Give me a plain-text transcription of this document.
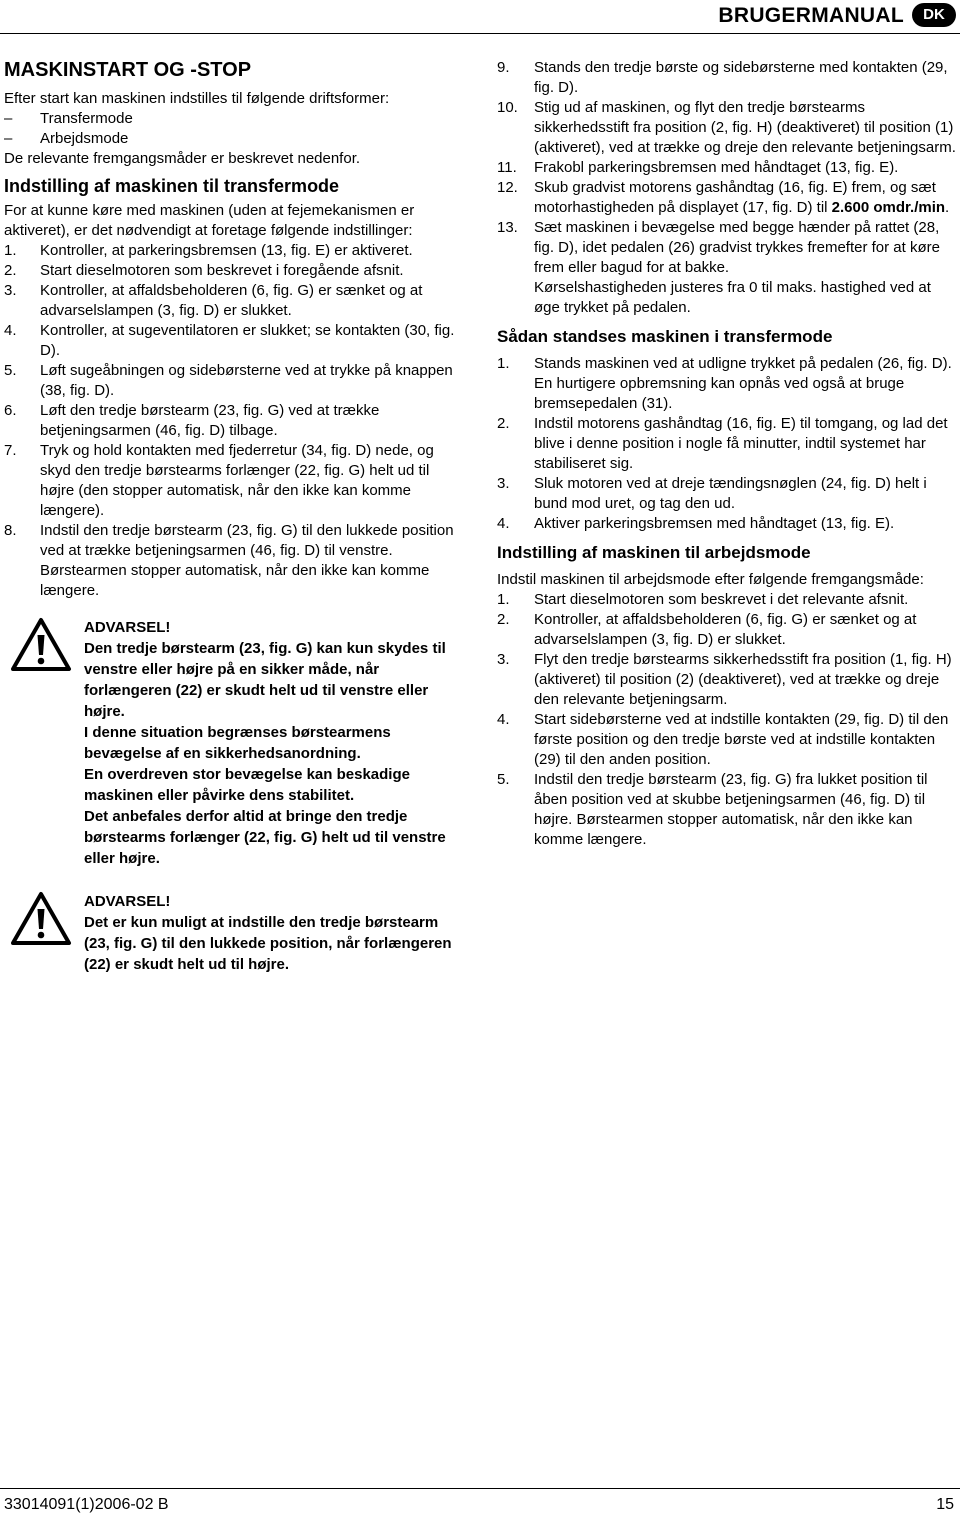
BRUGERMANUAL	DK
MASKINSTART OG -STOP

Efter start kan maskinen indstilles til følgende driftsformer:

– Transfermode
– Arbejdsmode

De relevante fremgangsmåder er beskrevet nedenfor.

Indstilling af maskinen til transfermode

For at kunne køre med maskinen (uden at fejemekanismen er aktiveret), er det nødvendigt at foretage følgende indstillinger:

1. Kontroller, at parkeringsbremsen (13, fig. E) er aktiveret.
2. Start dieselmotoren som beskrevet i foregående afsnit.
3. Kontroller, at affaldsbeholderen (6, fig. G) er sænket og at advarselslampen (3, fig. D) er slukket.
4. Kontroller, at sugeventilatoren er slukket; se kontakten (30, fig. D).
5. Løft sugeåbningen og sidebørsterne ved at trykke på knappen (38, fig. D).
6. Løft den tredje børstearm (23, fig. G) ved at trække betjeningsarmen (46, fig. D) tilbage.
7. Tryk og hold kontakten med fjederretur (34, fig. D) nede, og skyd den tredje børstearms forlænger (22, fig. G) helt ud til højre (den stopper automatisk, når den ikke kan komme længere).
8. Indstil den tredje børstearm (23, fig. G) til den lukkede position ved at trække betjeningsarmen (46, fig. D) til venstre.
Børstearmen stopper automatisk, når den ikke kan komme længere.
ADVARSEL!
Den tredje børstearm (23, fig. G) kan kun skydes til venstre eller højre på en sikker måde, når forlængeren (22) er skudt helt ud til venstre eller højre.
I denne situation begrænses børstearmens bevægelse af en sikkerhedsanordning.
En overdreven stor bevægelse kan beskadige maskinen eller påvirke dens stabilitet.
Det anbefales derfor altid at bringe den tredje børstearms forlænger (22, fig. G) helt ud til venstre eller højre.
ADVARSEL!
Det er kun muligt at indstille den tredje børstearm (23, fig. G) til den lukkede position, når forlængeren (22) er skudt helt ud til højre.
9. Stands den tredje børste og sidebørsterne med kontakten (29, fig. D).
10. Stig ud af maskinen, og flyt den tredje børstearms sikkerhedsstift fra position (2, fig. H) (deaktiveret) til position (1) (aktiveret), ved at trække og dreje den relevante betjeningsarm.
11. Frakobl parkeringsbremsen med håndtaget (13, fig. E).
12. Skub gradvist motorens gashåndtag (16, fig. E) frem, og sæt motorhastigheden på displayet (17, fig. D) til 2.600 omdr./min.
13. Sæt maskinen i bevægelse med begge hænder på rattet (28, fig. D), idet pedalen (26) gradvist trykkes fremefter for at køre frem eller bagud for at bakke.
Kørselshastigheden justeres fra 0 til maks. hastighed ved at øge trykket på pedalen.
Sådan standses maskinen i transfermode
1. Stands maskinen ved at udligne trykket på pedalen (26, fig. D).
En hurtigere opbremsning kan opnås ved også at bruge bremsepedalen (31).
2. Indstil motorens gashåndtag (16, fig. E) til tomgang, og lad det blive i denne position i nogle få minutter, indtil systemet har stabiliseret sig.
3. Sluk motoren ved at dreje tændingsnøglen (24, fig. D) helt i bund mod uret, og tag den ud.
4. Aktiver parkeringsbremsen med håndtaget (13, fig. E).
Indstilling af maskinen til arbejdsmode

Indstil maskinen til arbejdsmode efter følgende fremgangsmåde:

1. Start dieselmotoren som beskrevet i det relevante afsnit.
2. Kontroller, at affaldsbeholderen (6, fig. G) er sænket og at advarselslampen (3, fig. D) er slukket.
3. Flyt den tredje børstearms sikkerhedsstift fra position (1, fig. H) (aktiveret) til position (2) (deaktiveret), ved at trække og dreje den relevante betjeningsarm.
4. Start sidebørsterne ved at indstille kontakten (29, fig. D) til den første position og den tredje børste ved at indstille kontakten (29) til den anden position.
5. Indstil den tredje børstearm (23, fig. G) fra lukket position til åben position ved at skubbe betjeningsarmen (46, fig. D) til højre. Børstearmen stopper automatisk, når den ikke kan komme længere.
33014091(1)2006-02 B	15
